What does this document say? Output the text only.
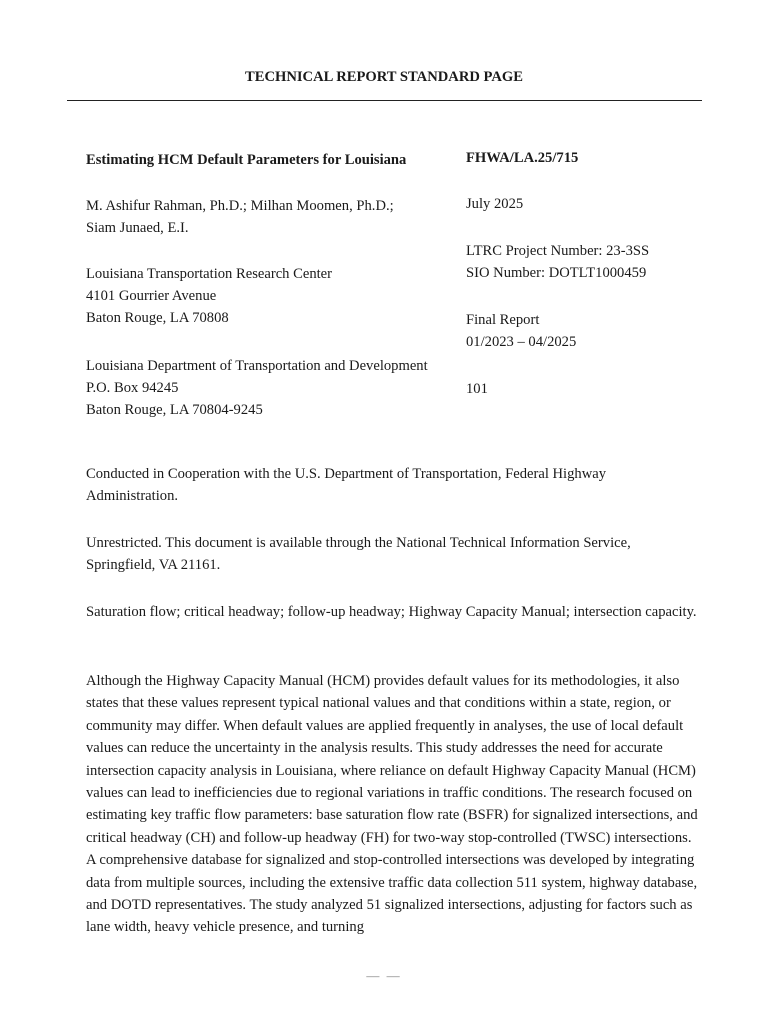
TECHNICAL REPORT STANDARD PAGE
Estimating HCM Default Parameters for Louisiana	FHWA/LA.25/715
M. Ashifur Rahman, Ph.D.; Milhan Moomen, Ph.D.;
Siam Junaed, E.I.
July 2025
LTRC Project Number: 23-3SS
SIO Number: DOTLT1000459
Louisiana Transportation Research Center
4101 Gourrier Avenue
Baton Rouge, LA 70808	Final Report
01/2023 – 04/2025
Louisiana Department of Transportation and Development
P.O. Box 94245
Baton Rouge, LA 70804-9245
101
Conducted in Cooperation with the U.S. Department of Transportation, Federal Highway Administration.
Unrestricted. This document is available through the National Technical Information Service, Springfield, VA 21161.
Saturation flow; critical headway; follow-up headway; Highway Capacity Manual; intersection capacity.
Although the Highway Capacity Manual (HCM) provides default values for its methodologies, it also states that these values represent typical national values and that conditions within a state, region, or community may differ. When default values are applied frequently in analyses, the use of local default values can reduce the uncertainty in the analysis results. This study addresses the need for accurate intersection capacity analysis in Louisiana, where reliance on default Highway Capacity Manual (HCM) values can lead to inefficiencies due to regional variations in traffic conditions. The research focused on estimating key traffic flow parameters: base saturation flow rate (BSFR) for signalized intersections, and critical headway (CH) and follow-up headway (FH) for two-way stop-controlled (TWSC) intersections. A comprehensive database for signalized and stop-controlled intersections was developed by integrating data from multiple sources, including the extensive traffic data collection 511 system, highway database, and DOTD representatives. The study analyzed 51 signalized intersections, adjusting for factors such as lane width, heavy vehicle presence, and turning
— —
